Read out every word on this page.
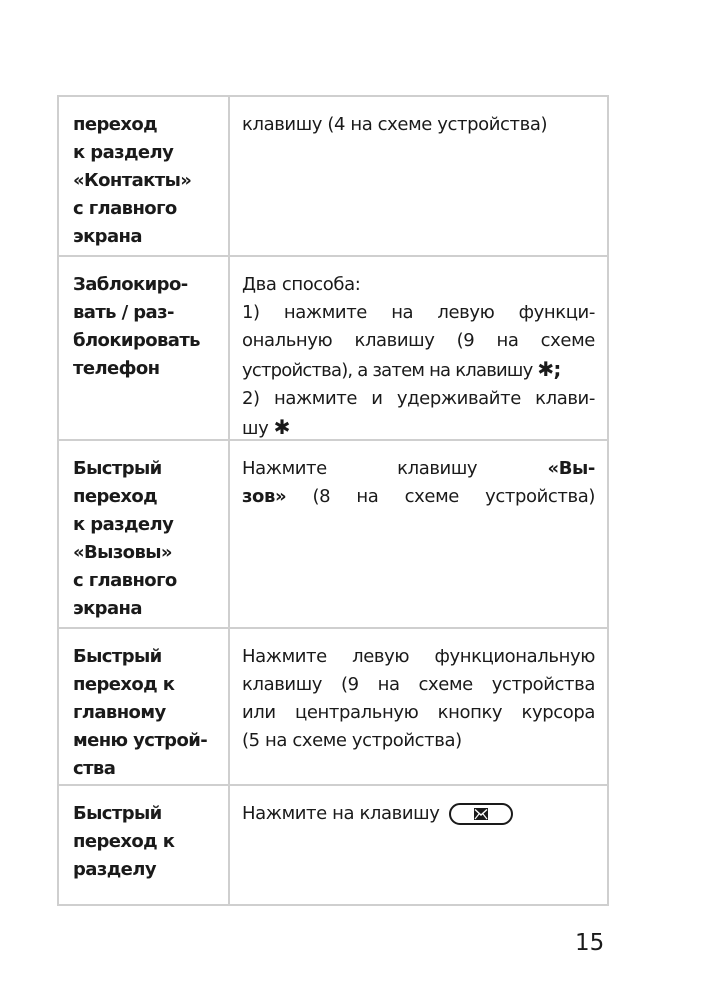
переход
к разделу
«Контакты»
с главного
экрана
клавишу (4 на схеме устройства)
Заблокиро-
вать / раз-
блокировать
телефон
Два способа:
1) нажмите на левую функци-
ональную клавишу (9 на схеме
устройства), а затем на клавишу ✱;
2) нажмите и удерживайте клави-
шу ✱
Быстрый
переход
к разделу
«Вызовы»
с главного
экрана
Нажмите	клавишу	«Вы-
зов» (8 на схеме устройства)
Быстрый
переход к
главному
меню устрой-
ства
Нажмите левую функциональную
клавишу (9 на схеме устройства
или центральную кнопку курсора
(5 на схеме устройства)
Быстрый
переход к
разделу
Нажмите на клавишу
15
